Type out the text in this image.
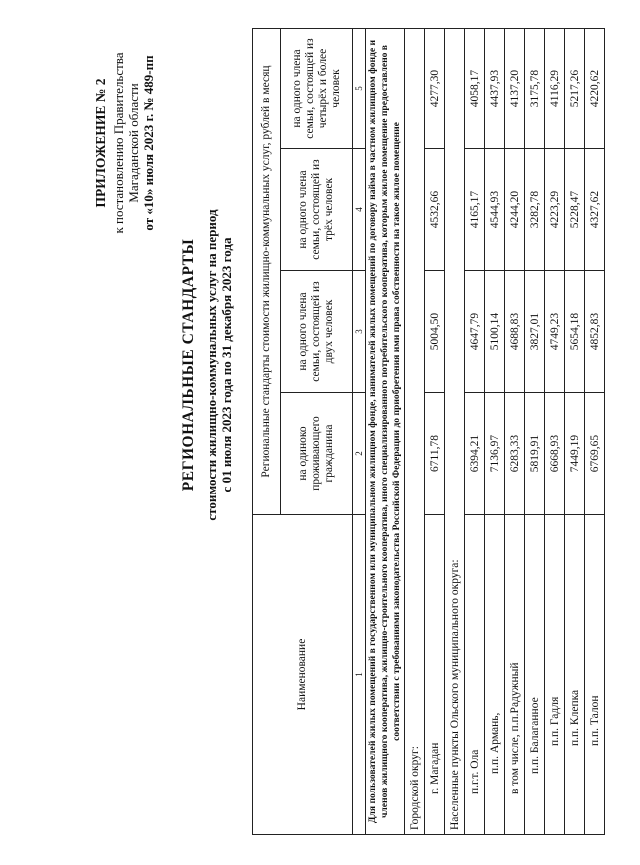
ПРИЛОЖЕНИЕ № 2 к постановлению Правительства Магаданской области от «10» июля 2023 г. № 489-пп
РЕГИОНАЛЬНЫЕ СТАНДАРТЫ стоимости жилищно-коммунальных услуг на период с 01 июля 2023 года по 31 декабря 2023 года
Наименование	Региональные стандарты стоимости жилищно-коммунальных услуг, рублей в месяц			
	на одиноко проживающего гражданина	на одного члена семьи, состоящей из двух человек	на одного члена семьи, состоящей из трёх человек	на одного члена семьи, состоящей из четырёх и более человек
1	2	3	4	5
Для пользователей жилых помещений в государственном или муниципальном жилищном фонде, нанимателей жилых помещений по договору найма в частном жилищном фонде и членов жилищного кооператива, жилищно-строительного кооператива, иного специализированного потребительского кооператива, которым жилое помещение предоставлено в соответствии с требованиями законодательства Российской Федерации до приобретения ими права собственности на такое жилое помещение				
Городской округ:				
г. Магадан	6711,78	5004,50	4532,66	4277,30
Населенные пункты Ольского муниципального округа:				
п.г.т. Ола	6394,21	4647,79	4165,17	4058,17
п.п. Армань,	7136,97	5100,14	4544,93	4437,93
в том числе, п.п.Радужный	6283,33	4688,83	4244,20	4137,20
п.п. Балаганное	5819,91	3827,01	3282,78	3175,78
п.п. Гадля	6668,93	4749,23	4223,29	4116,29
п.п. Клепка	7449,19	5654,18	5228,47	5217,26
п.п. Талон	6769,65	4852,83	4327,62	4220,62
